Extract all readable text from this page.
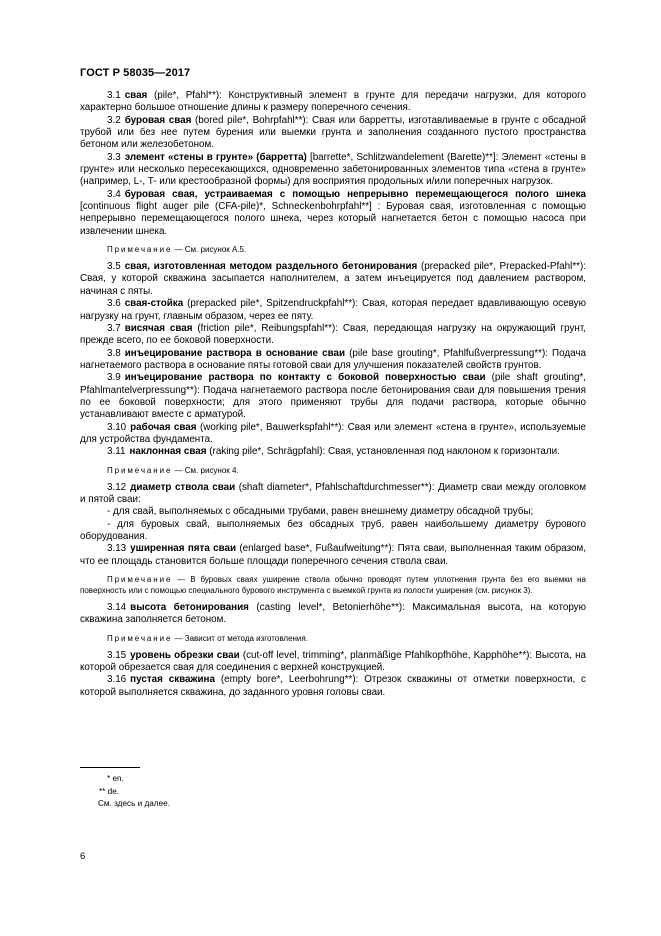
ГОСТ Р 58035—2017

3.1 свая (pile*, Pfahl**): Конструктивный элемент в грунте для передачи нагрузки, для которого характерно большое отношение длины к размеру поперечного сечения.

3.2 буровая свая (bored pile*, Bohrpfahl**): Свая или барретты, изготавливаемые в грунте с обсадной трубой или без нее путем бурения или выемки грунта и заполнения созданного пустого пространства бетоном или железобетоном.

3.3 элемент «стены в грунте» (барретта) [barrette*, Schlitzwandelement (Barette)**]: Элемент «стены в грунте» или несколько пересекающихся, одновременно забетонированных элементов типа «стена в грунте» (например, L-, T- или крестообразной формы) для восприятия продольных и/или поперечных нагрузок.

3.4 буровая свая, устраиваемая с помощью непрерывно перемещающегося полого шнека [continuous flight auger pile (CFA-pile)*, Schneckenbohrpfahl**] : Буровая свая, изготовленная с помощью непрерывно перемещающегося полого шнека, через который нагнетается бетон с помощью насоса при извлечении шнека.

Примечание — См. рисунок А.5.

3.5 свая, изготовленная методом раздельного бетонирования (prepacked pile*, Prepacked-Pfahl**): Свая, у которой скважина засыпается наполнителем, а затем инъецируется под давлением раствором, начиная с пяты.

3.6 свая-стойка (prepacked pile*, Spitzendruckpfahl**): Свая, которая передает вдавливающую осевую нагрузку на грунт, главным образом, через ее пяту.

3.7 висячая свая (friction pile*, Reibungspfahl**): Свая, передающая нагрузку на окружающий грунт, прежде всего, по ее боковой поверхности.

3.8 инъецирование раствора в основание сваи (pile base grouting*, Pfahlfußverpressung**): Подача нагнетаемого раствора в основание пяты готовой сваи для улучшения показателей свойств грунтов.

3.9 инъецирование раствора по контакту с боковой поверхностью сваи (pile shaft grouting*, Pfahlmantelverpressung**): Подача нагнетаемого раствора после бетонирования сваи для повышения трения по ее боковой поверхности; для этого применяют трубы для подачи раствора, которые обычно устанавливают вместе с арматурой.

3.10 рабочая свая (working pile*, Bauwerkspfahl**): Свая или элемент «стена в грунте», используемые для устройства фундамента.

3.11 наклонная свая (raking pile*, Schrägpfahl): Свая, установленная под наклоном к горизонтали.

Примечание — См. рисунок 4.

3.12 диаметр ствола сваи (shaft diameter*, Pfahlschaftdurchmesser**): Диаметр сваи между оголовком и пятой сваи:

- для свай, выполняемых с обсадными трубами, равен внешнему диаметру обсадной трубы;

- для буровых свай, выполняемых без обсадных труб, равен наибольшему диаметру бурового оборудования.

3.13 уширенная пята сваи (enlarged base*, Fußaufweitung**): Пята сваи, выполненная таким образом, что ее площадь становится больше площади поперечного сечения ствола сваи.

Примечание — В буровых сваях уширение ствола обычно проводят путем уплотнения грунта без его выемки на поверхность или с помощью специального бурового инструмента с выемкой грунта из полости уширения (см. рисунок 3).

3.14 высота бетонирования (casting level*, Betonierhöhe**): Максимальная высота, на которую скважина заполняется бетоном.

Примечание — Зависит от метода изготовления.

3.15 уровень обрезки сваи (cut-off level, trimming*, planmäßige Pfahlkopfhöhe, Kapphöhe**): Высота, на которой обрезается свая для соединения с верхней конструкцией.

3.16 пустая скважина (empty bore*, Leerbohrung**): Отрезок скважины от отметки поверхности, с которой выполняется скважина, до заданного уровня головы сваи.

* en.

** de.

См. здесь и далее.

6
